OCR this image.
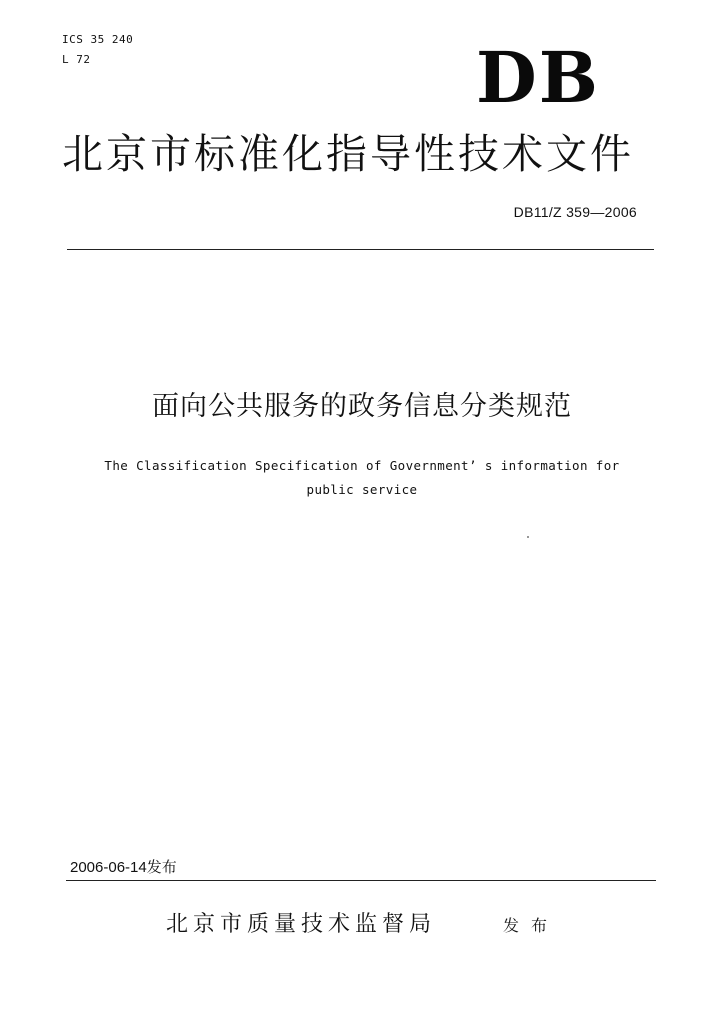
ICS 35 240
L 72	DB
北京市标准化指导性技术文件
DB11/Z 359—2006
面向公共服务的政务信息分类规范
The Classification Specification of Government’ s information for
public service
2006-06-14发布
北京市质量技术监督局	发布
